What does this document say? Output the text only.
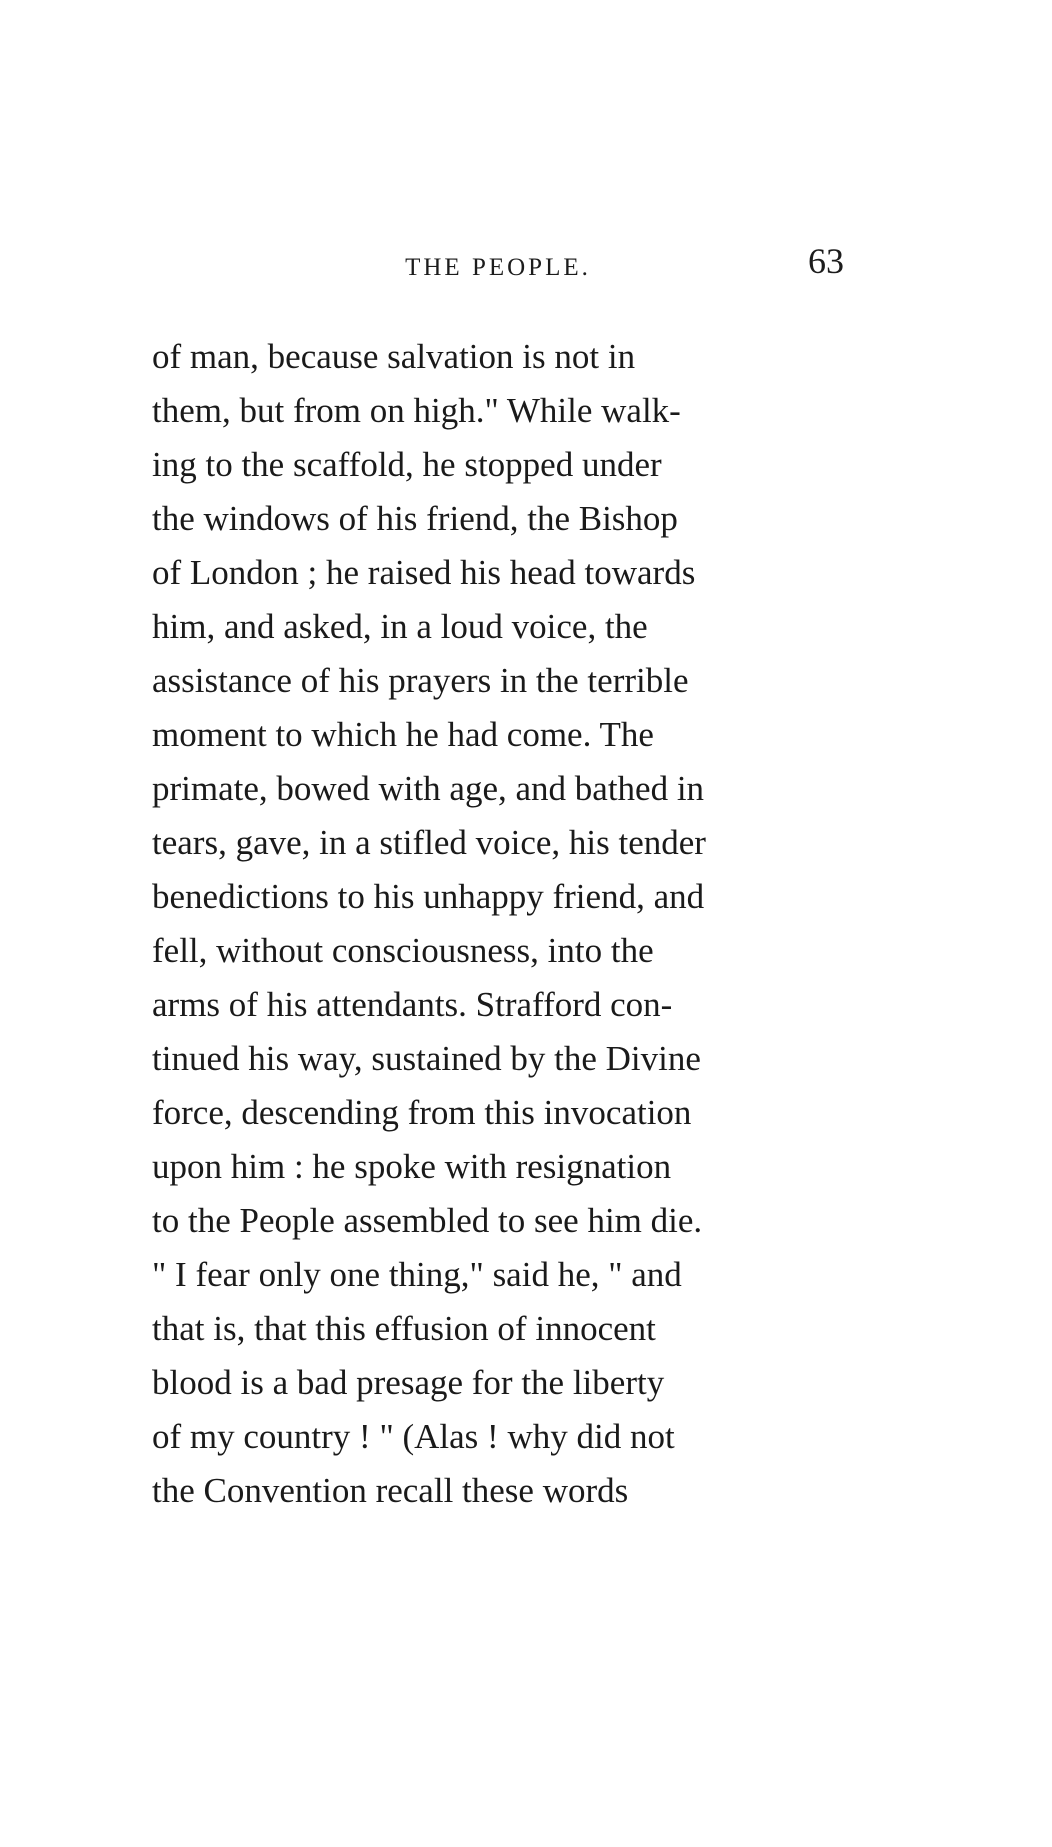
THE PEOPLE.	63
of man, because salvation is not in
them, but from on high." While walk-
ing to the scaffold, he stopped under
the windows of his friend, the Bishop
of London ; he raised his head towards
him, and asked, in a loud voice, the
assistance of his prayers in the terrible
moment to which he had come. The
primate, bowed with age, and bathed in
tears, gave, in a stifled voice, his tender
benedictions to his unhappy friend, and
fell, without consciousness, into the
arms of his attendants. Strafford con-
tinued his way, sustained by the Divine
force, descending from this invocation
upon him : he spoke with resignation
to the People assembled to see him die.
" I fear only one thing," said he, " and
that is, that this effusion of innocent
blood is a bad presage for the liberty
of my country ! " (Alas ! why did not
the Convention recall these words
